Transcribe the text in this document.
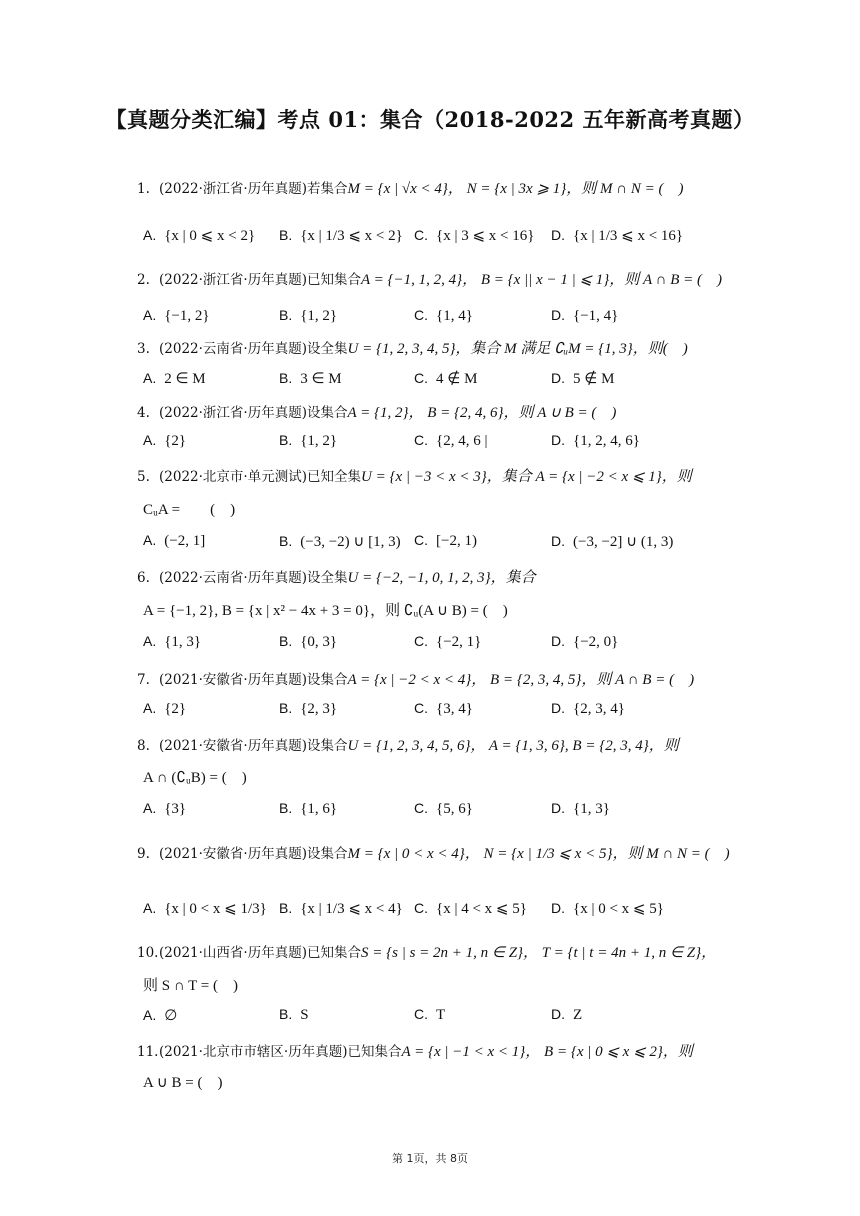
【真题分类汇编】考点 01：集合（2018-2022 五年新高考真题）
1. (2022·浙江省·历年真题)若集合M = {x | √x < 4}， N = {x | 3x ⩾ 1}，则 M ∩ N = (　)
A. {x | 0 ⩽ x < 2} B. {x | 1/3 ⩽ x < 2} C. {x | 3 ⩽ x < 16} D. {x | 1/3 ⩽ x < 16}
2. (2022·浙江省·历年真题)已知集合A = {−1, 1, 2, 4}， B = {x || x − 1 | ⩽ 1}，则 A ∩ B = (　)
A. {−1, 2}	B. {1, 2}	C. {1, 4}	D. {−1, 4}
3. (2022·云南省·历年真题)设全集U = {1, 2, 3, 4, 5}，集合 M 满足 ∁ᵤM = {1, 3}，则(　)
A. 2 ∈ M	B. 3 ∈ M	C. 4 ∉ M	D. 5 ∉ M
4. (2022·浙江省·历年真题)设集合A = {1, 2}， B = {2, 4, 6}，则 A ∪ B = (　)
A. {2}	B. {1, 2}	C. {2, 4, 6 |	D. {1, 2, 4, 6}
5. (2022·北京市·单元测试)已知全集U = {x | −3 < x < 3}，集合 A = {x | −2 < x ⩽ 1}，则
CᵤA =　　(　)
A. (−2, 1]	B. (−3, −2) ∪ [1, 3) C. [−2, 1)	D. (−3, −2] ∪ (1, 3)
6. (2022·云南省·历年真题)设全集U = {−2, −1, 0, 1, 2, 3}，集合
A = {−1, 2}, B = {x | x² − 4x + 3 = 0}，则 ∁ᵤ(A ∪ B) = (　)
A. {1, 3}	B. {0, 3}	C. {−2, 1}	D. {−2, 0}
7. (2021·安徽省·历年真题)设集合A = {x | −2 < x < 4}， B = {2, 3, 4, 5}，则 A ∩ B = (　)
A. {2}	B. {2, 3}	C. {3, 4}	D. {2, 3, 4}
8. (2021·安徽省·历年真题)设集合U = {1, 2, 3, 4, 5, 6}， A = {1, 3, 6}, B = {2, 3, 4}，则
A ∩ (∁ᵤB) = (　)
A. {3}	B. {1, 6}	C. {5, 6}	D. {1, 3}
9. (2021·安徽省·历年真题)设集合M = {x | 0 < x < 4}， N = {x | 1/3 ⩽ x < 5}，则 M ∩ N = (　)
A. {x | 0 < x ⩽ 1/3} B. {x | 1/3 ⩽ x < 4} C. {x | 4 < x ⩽ 5} D. {x | 0 < x ⩽ 5}
10.(2021·山西省·历年真题)已知集合S = {s | s = 2n + 1, n ∈ Z}， T = {t | t = 4n + 1, n ∈ Z}，
则 S ∩ T = (　)
A. ∅	B. S	C. T	D. Z
11.(2021·北京市市辖区·历年真题)已知集合A = {x | −1 < x < 1}， B = {x | 0 ⩽ x ⩽ 2}，则
A ∪ B = (　)
第 1页，共 8页
